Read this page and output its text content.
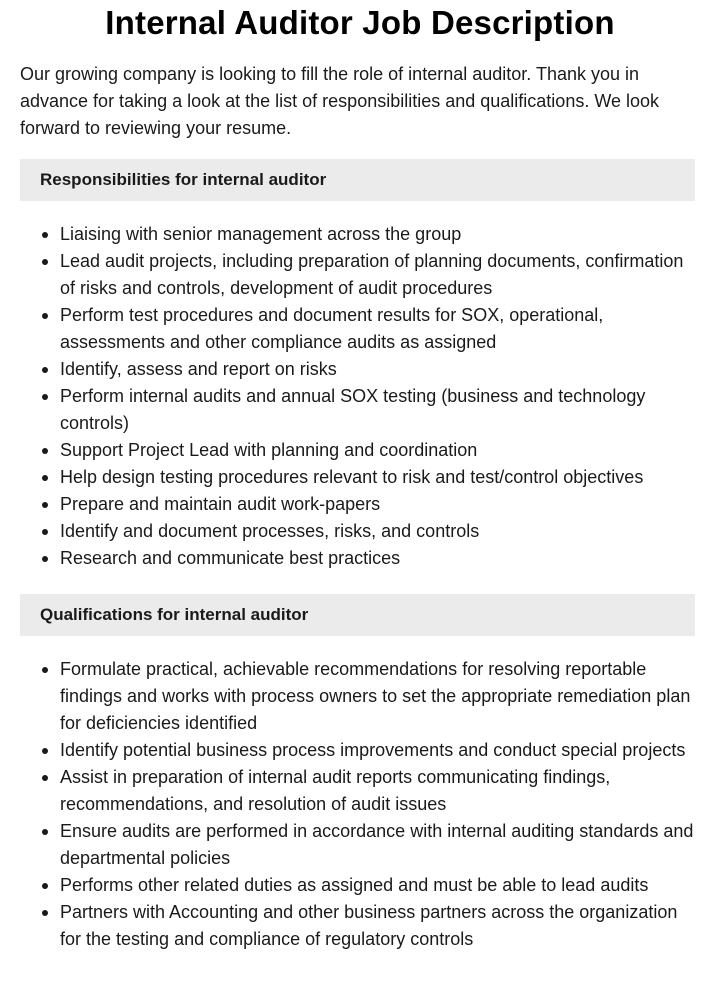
Internal Auditor Job Description

Our growing company is looking to fill the role of internal auditor. Thank you in advance for taking a look at the list of responsibilities and qualifications. We look forward to reviewing your resume.

Responsibilities for internal auditor
Liaising with senior management across the group
Lead audit projects, including preparation of planning documents, confirmation of risks and controls, development of audit procedures
Perform test procedures and document results for SOX, operational, assessments and other compliance audits as assigned
Identify, assess and report on risks
Perform internal audits and annual SOX testing (business and technology controls)
Support Project Lead with planning and coordination
Help design testing procedures relevant to risk and test/control objectives
Prepare and maintain audit work-papers
Identify and document processes, risks, and controls
Research and communicate best practices
Qualifications for internal auditor
Formulate practical, achievable recommendations for resolving reportable findings and works with process owners to set the appropriate remediation plan for deficiencies identified
Identify potential business process improvements and conduct special projects
Assist in preparation of internal audit reports communicating findings, recommendations, and resolution of audit issues
Ensure audits are performed in accordance with internal auditing standards and departmental policies
Performs other related duties as assigned and must be able to lead audits
Partners with Accounting and other business partners across the organization for the testing and compliance of regulatory controls
